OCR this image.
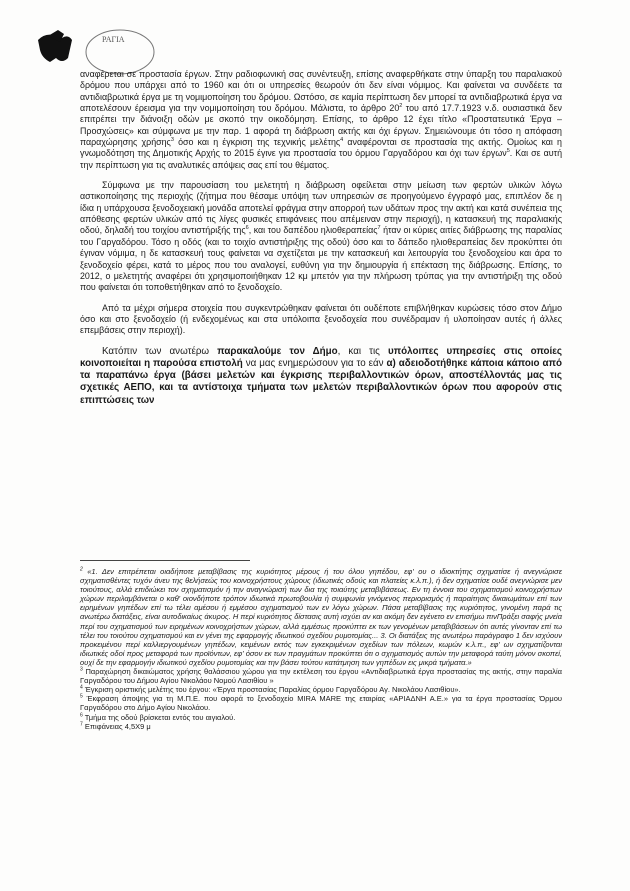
ΡΑΓΙΑ

αναφέρεται σε προστασία έργων. Στην ραδιοφωνική σας συνέντευξη, επίσης αναφερθήκατε στην ύπαρξη του παραλιακού δρόμου που υπάρχει από το 1960 και ότι οι υπηρεσίες θεωρούν ότι δεν είναι νόμιμος. Και φαίνεται να συνδέετε τα αντιδιαβρωτικά έργα με τη νομιμοποίηση του δρόμου. Ωστόσο, σε καμία περίπτωση δεν μπορεί τα αντιδιαβρωτικά έργα να αποτελέσουν έρεισμα για την νομιμοποίηση του δρόμου. Μάλιστα, το άρθρο $20^2$ του από 17.7.1923 ν.δ. ουσιαστικά δεν επιτρέπει την διάνοιξη οδών με σκοπό την οικοδόμηση. Επίσης, το άρθρο 12 έχει τίτλο «Προστατευτικά Έργα – Προσχώσεις» και σύμφωνα με την παρ. 1 αφορά τη διάβρωση ακτής και όχι έργων. Σημειώνουμε ότι τόσο η απόφαση παραχώρησης χρήσης$^3$ όσο και η έγκριση της τεχνικής μελέτης$^4$ αναφέρονται σε προστασία της ακτής. Ομοίως και η γνωμοδότηση της Δημοτικής Αρχής το 2015 έγινε για προστασία του όρμου Γαργαδόρου και όχι των έργων$^5$. Και σε αυτή την περίπτωση για τις αναλυτικές απόψεις σας επί του θέματος.

Σύμφωνα με την παρουσίαση του μελετητή η διάβρωση οφείλεται στην μείωση των φερτών υλικών λόγω αστικοποίησης της περιοχής (ζήτημα που θέσαμε υπόψη των υπηρεσιών σε προηγούμενο έγγραφό μας, επιπλέον δε η ίδια η υπάρχουσα ξενοδοχειακή μονάδα αποτελεί φράγμα στην απορροή των υδάτων προς την ακτή και κατά συνέπεια της απόθεσης φερτών υλικών από τις λίγες φυσικές επιφάνειες που απέμειναν στην περιοχή), η κατασκευή της παραλιακής οδού, δηλαδή του τοιχίου αντιστήριξής της$^6$, και του δαπέδου ηλιοθεραπείας$^7$ ήταν οι κύριες αιτίες διάβρωσης της παραλίας του Γαργαδόρου. Τόσο η οδός (και το τοιχίο αντιστήριξης της οδού) όσο και το δάπεδο ηλιοθεραπείας δεν προκύπτει ότι έγιναν νόμιμα, η δε κατασκευή τους φαίνεται να σχετίζεται με την κατασκευή και λειτουργία του ξενοδοχείου και άρα το ξενοδοχείο φέρει, κατά το μέρος που του αναλογεί, ευθύνη για την δημιουργία ή επέκταση της διάβρωσης. Επίσης, το 2012, ο μελετητής αναφέρει ότι χρησιμοποιήθηκαν 12 κμ μπετόν για την πλήρωση τρύπας για την αντιστήριξη της οδού που φαίνεται ότι τοποθετήθηκαν από το ξενοδοχείο.

Από τα μέχρι σήμερα στοιχεία που συγκεντρώθηκαν φαίνεται ότι ουδέποτε επιβλήθηκαν κυρώσεις τόσο στον Δήμο όσο και στο ξενοδοχείο (ή ενδεχομένως και στα υπόλοιπα ξενοδοχεία που συνέδραμαν ή υλοποίησαν αυτές ή άλλες επεμβάσεις στην περιοχή).

Κατόπιν των ανωτέρω παρακαλούμε τον Δήμο, και τις υπόλοιπες υπηρεσίες στις οποίες κοινοποιείται η παρούσα επιστολή να μας ενημερώσουν για το εάν α) αδειοδοτήθηκε κάποια κάποιο από τα παραπάνω έργα (βάσει μελετών και έγκρισης περιβαλλοντικών όρων, αποστέλλοντάς μας τις σχετικές ΑΕΠΟ, και τα αντίστοιχα τμήματα των μελετών περιβαλλοντικών όρων που αφορούν στις επιπτώσεις των

$^2$ «1. Δεν επιτρέπεται οιαδήποτε μεταβίβασις της κυριότητος μέρους ή του όλου γηπέδου, εφ' ου ο ιδιοκτήτης σχηματίσε ή ανεγνώρισε σχηματισθέντες τυχόν άνευ της θελήσεώς του κοινοχρήστους χώρους (ιδιωτικές οδούς και πλατείες κ.λ.π.), ή δεν σχηματίσε ουδέ ανεγνώρισε μεν τοιούτους, αλλά επιδιώκει τον σχηματισμόν ή την αναγνώρισή των δια της τοιαύτης μεταβιβάσεως. Εν τη έννοια του σχηματισμού κοινοχρήστων χώρων περιλαμβάνεται ο καθ' οιονδήποτε τρόπον ιδιωτικά πρωτοβουλία ή συμφωνία γινόμενος περιορισμός ή παραίτησις δικαιωμάτων επί των ειρημένων γηπέδων επί τω τέλει αμέσου ή εμμέσου σχηματισμού των εν λόγω χώρων. Πάσα μεταβίβασις της κυριότητος, γινομένη παρά τις ανωτέρω διατάξεις, είναι αυτοδικαίως άκυρος. Η περί κυριότητος δίστασις αυτή ισχύει αν και ακόμη δεν εγένετο εν επισήμω πινΠράξει σαφής μνεία περί του σχηματισμού των ειρημένων κοινοχρήστων χώρων, αλλά εμμέσως προκύπτει εκ των γενομένων μεταβιβάσεων ότι αυτές γίνονταν επί τω τέλει του τοιούτου σχηματισμού και εν γένει της εφαρμογής ιδιωτικού σχεδίου ρυμοτομίας... 3. Οι διατάξεις της ανωτέρω παράγραφο 1 δεν ισχύουν προκειμένου περί καλλιεργουμένων γηπέδων, κειμένων εκτός των εγκεκριμένων σχεδίων των πόλεων, κωμών κ.λ.π., εφ' ων σχηματίζονται ιδιωτικές οδοί προς μεταφορά των προϊόντων, εφ' όσον εκ των πραγμάτων προκύπτει ότι ο σχηματισμός αυτών την μεταφορά ταύτη μόνον σκοπεί, ουχί δε την εφαρμογήν ιδιωτικού σχεδίου ρυμοτομίας και την βάσει τούτου κατάτμηση των γηπέδων εις μικρά τμήματα.»

$^3$ Παραχώρηση δικαιώματος χρήσης θαλάσσιου χώρου για την εκτέλεση του έργου «Αντιδιαβρωτικά έργα προστασίας της ακτής, στην παραλία Γαργαδόρου του Δήμου Αγίου Νικολάου Νομού Λασιθίου »

$^4$ Έγκριση οριστικής μελέτης του έργου: «Έργα προστασίας Παραλίας όρμου Γαργαδόρου Αγ. Νικολάου Λασιθίου».

$^5$ Έκφραση άποψης για τη Μ.Π.Ε. που αφορά το ξενοδοχείο MIRA MARE της εταιρίας «ΑΡΙΑΔΝΗ Α.Ε.» για τα έργα προστασίας Όρμου Γαργαδόρου στο Δήμο Αγίου Νικολάου.

$^6$ Τμήμα της οδού βρίσκεται εντός του αιγιαλού.

$^7$ Επιφάνειας 4,5Χ9 μ
